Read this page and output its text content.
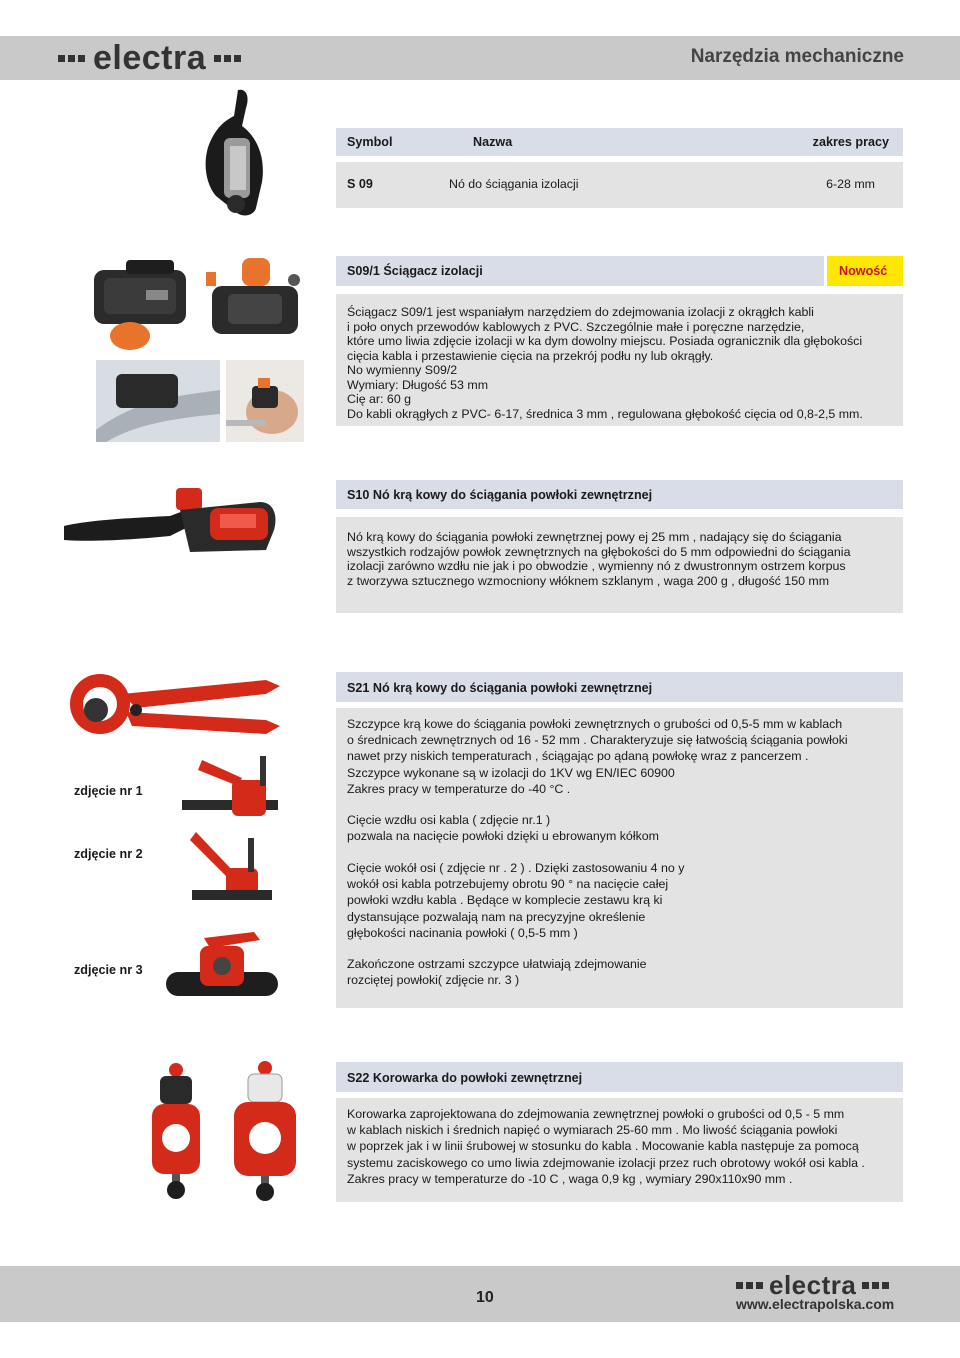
electra	Narzędzia mechaniczne
Symbol	Nazwa	zakres pracy
S 09	Nó do ściągania izolacji	6-28 mm
S09/1 Ściągacz izolacji	Nowość
Ściągacz S09/1 jest wspaniałym narzędziem do zdejmowania izolacji z okrągłch kabli
i poło onych przewodów kablowych z PVC. Szczególnie małe i poręczne narzędzie,
które umo liwia zdjęcie izolacji w ka dym dowolny miejscu. Posiada ogranicznik dla głębokości
cięcia kabla i przestawienie cięcia na przekrój podłu ny lub okrągły.
No wymienny S09/2
Wymiary: Długość 53 mm
Cię ar: 60 g
Do kabli okrągłych z PVC- 6-17, średnica 3 mm , regulowana głębokość cięcia od 0,8-2,5 mm.
S10 Nó krą kowy do ściągania powłoki zewnętrznej
Nó krą kowy do ściągania powłoki zewnętrznej powy ej 25 mm , nadający się do ściągania
wszystkich rodzajów powłok zewnętrznych na głębokości do 5 mm odpowiedni do ściągania
izolacji zarówno wzdłu nie jak i po obwodzie , wymienny nó z dwustronnym ostrzem korpus
z tworzywa sztucznego wzmocniony włóknem szklanym , waga 200 g , długość 150 mm
zdjęcie nr 1
zdjęcie nr 2
zdjęcie nr 3
S21 Nó krą kowy do ściągania powłoki zewnętrznej
Szczypce krą kowe do ściągania powłoki zewnętrznych o grubości od 0,5-5 mm w kablach
o średnicach zewnętrznych od 16 - 52 mm . Charakteryzuje się łatwością ściągania powłoki
nawet przy niskich temperaturach , ściągając po ądaną powłokę wraz z pancerzem .
Szczypce wykonane są w izolacji do 1KV wg EN/IEC 60900
Zakres pracy w temperaturze do -40 °C .
Cięcie wzdłu osi kabla ( zdjęcie nr.1 )
pozwala na nacięcie powłoki dzięki u ebrowanym kółkom
Cięcie wokół osi ( zdjęcie nr . 2 ) . Dzięki zastosowaniu 4 no y
wokół osi kabla potrzebujemy obrotu 90 ° na nacięcie całej
powłoki wzdłu kabla . Będące w komplecie zestawu krą ki
dystansujące pozwalają nam na precyzyjne określenie
głębokości nacinania powłoki ( 0,5-5 mm )
Zakończone ostrzami szczypce ułatwiają zdejmowanie
rozciętej powłoki( zdjęcie nr. 3 )
S22 Korowarka do powłoki zewnętrznej
Korowarka zaprojektowana do zdejmowania zewnętrznej powłoki o grubości od 0,5 - 5 mm
w kablach niskich i średnich napięć o wymiarach 25-60 mm . Mo liwość ściągania powłoki
w poprzek jak i w linii śrubowej w stosunku do kabla . Mocowanie kabla następuje za pomocą
systemu zaciskowego co umo liwia zdejmowanie izolacji przez ruch obrotowy wokół osi kabla .
Zakres pracy w temperaturze do -10 C , waga 0,9 kg , wymiary 290x110x90 mm .
10	electra
www.electrapolska.com
